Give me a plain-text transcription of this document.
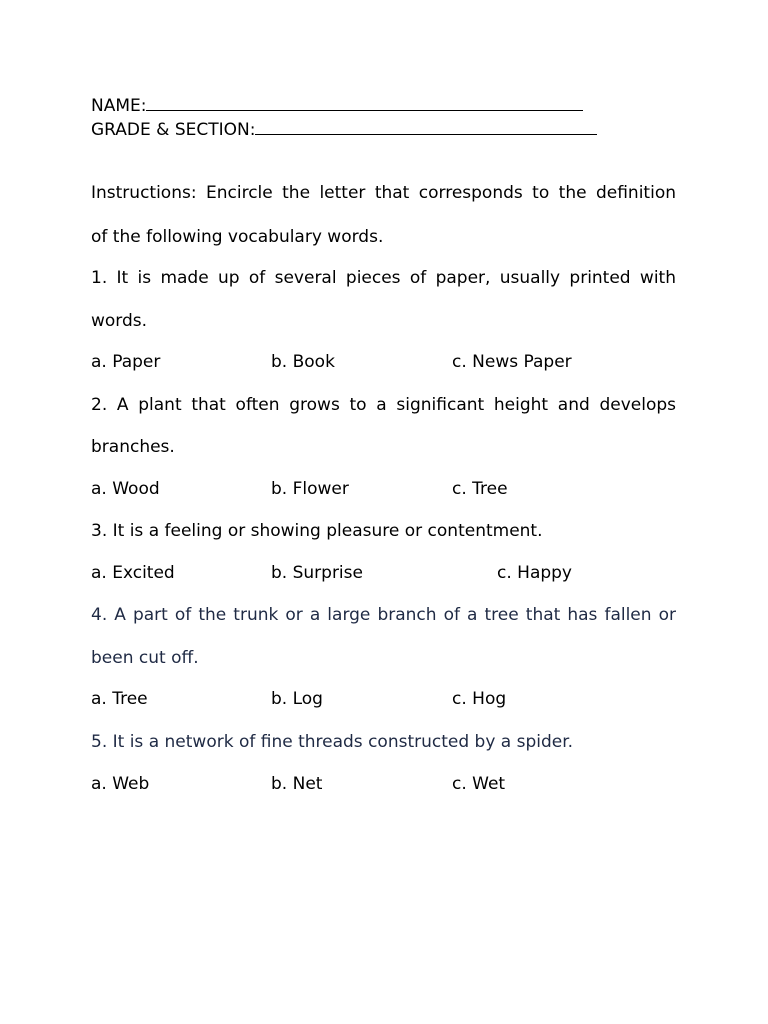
NAME:
GRADE & SECTION:
Instructions: Encircle the letter that corresponds to the definition
of the following vocabulary words.
1. It is made up of several pieces of paper, usually printed with
words.
a. Paper	b. Book	c. News Paper
2. A plant that often grows to a significant height and develops
branches.
a. Wood	b. Flower	c. Tree
3. It is a feeling or showing pleasure or contentment.
a. Excited	b. Surprise	c. Happy
4. A part of the trunk or a large branch of a tree that has fallen or
been cut off.
a. Tree	b. Log	c. Hog
5. It is a network of fine threads constructed by a spider.
a. Web	b. Net	c. Wet
